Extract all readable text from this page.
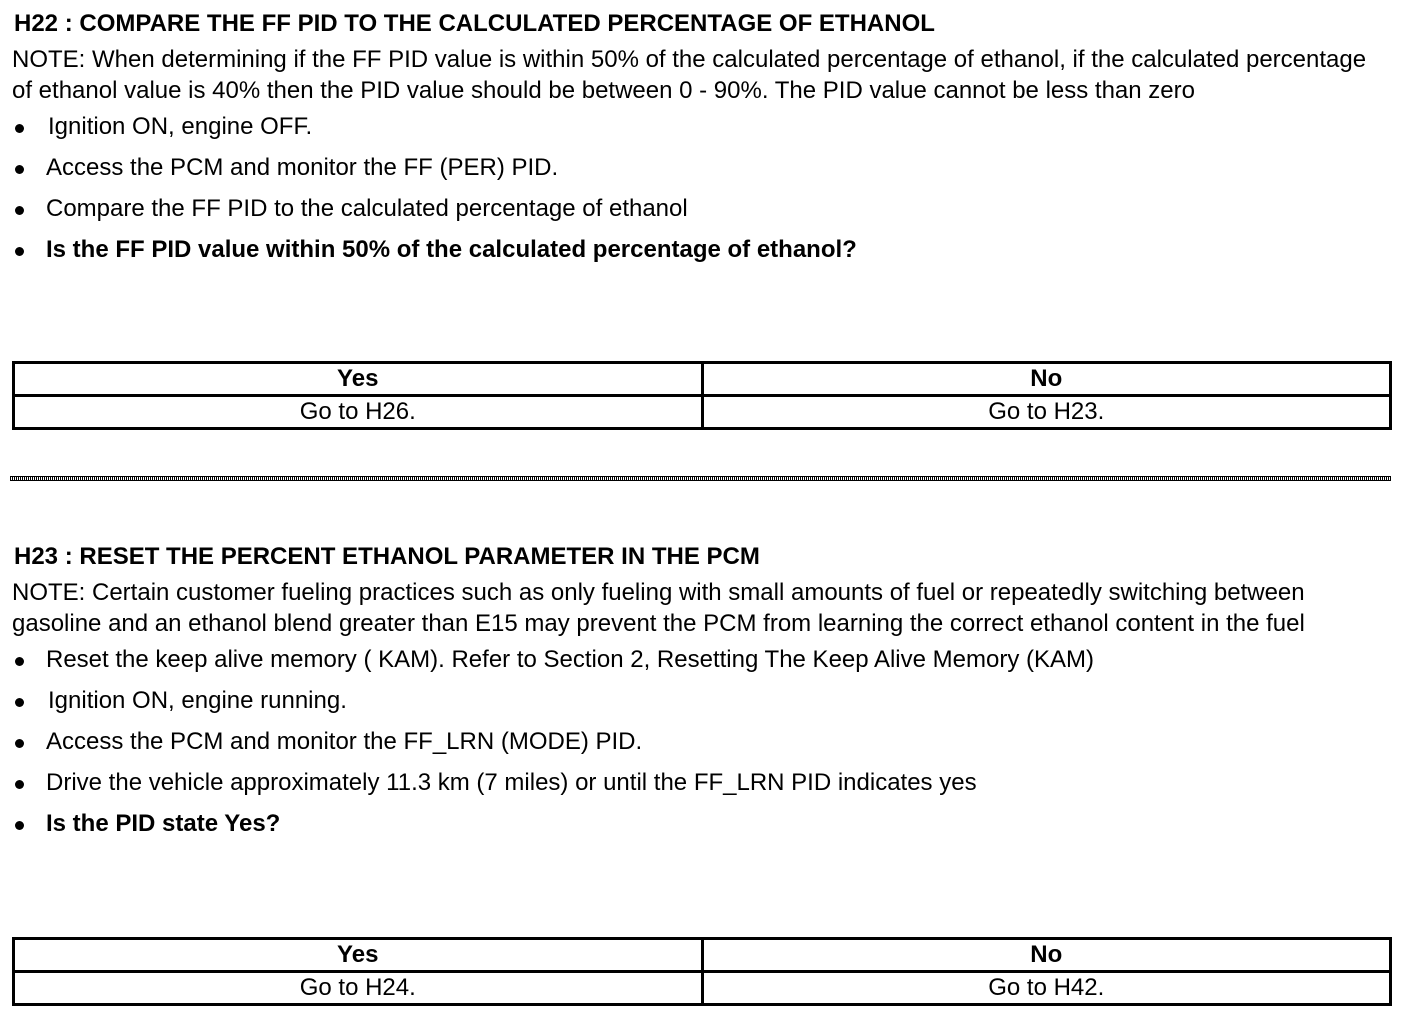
H22 : COMPARE THE FF PID TO THE CALCULATED PERCENTAGE OF ETHANOL

NOTE: When determining if the FF PID value is within 50% of the calculated percentage of ethanol, if the calculated percentage of ethanol value is 40% then the PID value should be between 0 - 90%. The PID value cannot be less than zero

Ignition ON, engine OFF.
Access the PCM and monitor the FF (PER) PID.
Compare the FF PID to the calculated percentage of ethanol
Is the FF PID value within 50% of the calculated percentage of ethanol?
Yes	No
Go to H26.	Go to H23.
H23 : RESET THE PERCENT ETHANOL PARAMETER IN THE PCM

NOTE: Certain customer fueling practices such as only fueling with small amounts of fuel or repeatedly switching between gasoline and an ethanol blend greater than E15 may prevent the PCM from learning the correct ethanol content in the fuel

Reset the keep alive memory ( KAM). Refer to Section 2, Resetting The Keep Alive Memory (KAM)
Ignition ON, engine running.
Access the PCM and monitor the FF_LRN (MODE) PID.
Drive the vehicle approximately 11.3 km (7 miles) or until the FF_LRN PID indicates yes
Is the PID state Yes?
Yes	No
Go to H24.	Go to H42.
